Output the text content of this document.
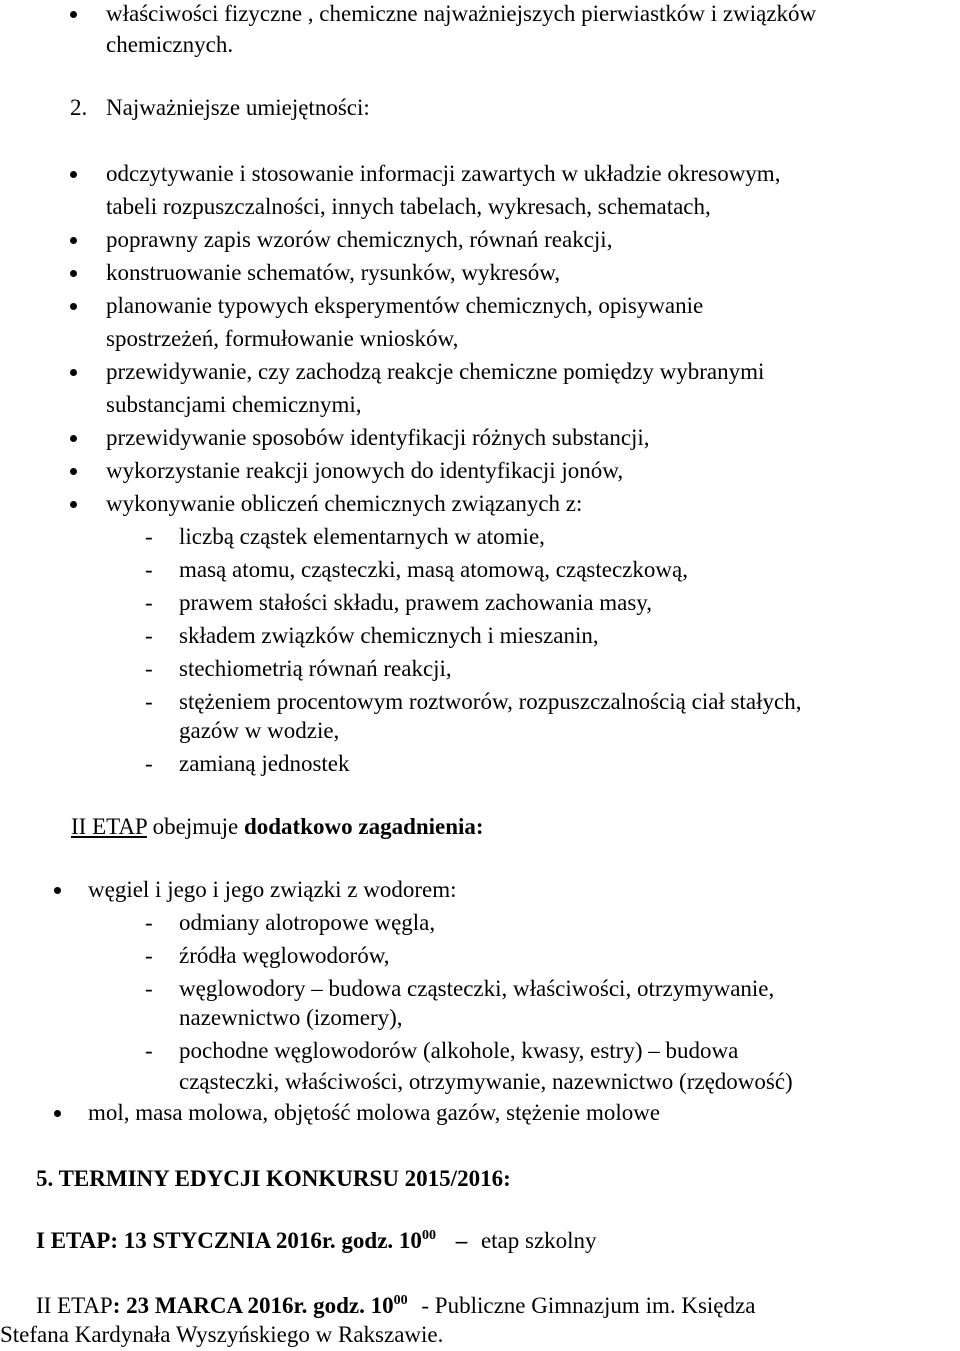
właściwości fizyczne , chemiczne najważniejszych pierwiastków i związków
chemicznych.
2. Najważniejsze umiejętności:
odczytywanie i stosowanie informacji zawartych w układzie okresowym,
tabeli rozpuszczalności, innych tabelach, wykresach, schematach,
poprawny zapis wzorów chemicznych, równań reakcji,
konstruowanie schematów, rysunków, wykresów,
planowanie typowych eksperymentów chemicznych, opisywanie
spostrzeżeń, formułowanie wniosków,
przewidywanie, czy zachodzą reakcje chemiczne pomiędzy wybranymi
substancjami chemicznymi,
przewidywanie sposobów identyfikacji różnych substancji,
wykorzystanie reakcji jonowych do identyfikacji jonów,
wykonywanie obliczeń chemicznych związanych z:
- liczbą cząstek elementarnych w atomie,
- masą atomu, cząsteczki, masą atomową, cząsteczkową,
- prawem stałości składu, prawem zachowania masy,
- składem związków chemicznych i mieszanin,
- stechiometrią równań reakcji,
- stężeniem procentowym roztworów, rozpuszczalnością ciał stałych,
gazów w wodzie,
- zamianą jednostek
II ETAP obejmuje dodatkowo zagadnienia:
węgiel i jego i jego związki z wodorem:
- odmiany alotropowe węgla,
- źródła węglowodorów,
- węglowodory – budowa cząsteczki, właściwości, otrzymywanie,
nazewnictwo (izomery),
- pochodne węglowodorów (alkohole, kwasy, estry) – budowa
cząsteczki, właściwości, otrzymywanie, nazewnictwo (rzędowość)
mol, masa molowa, objętość molowa gazów, stężenie molowe
5. TERMINY EDYCJI KONKURSU 2015/2016:
I ETAP: 13 STYCZNIA 2016r. godz. $10^{00}$ – etap szkolny
II ETAP: 23 MARCA 2016r. godz. $10^{00}$ - Publiczne Gimnazjum im. Księdza
Stefana Kardynała Wyszyńskiego w Rakszawie.
